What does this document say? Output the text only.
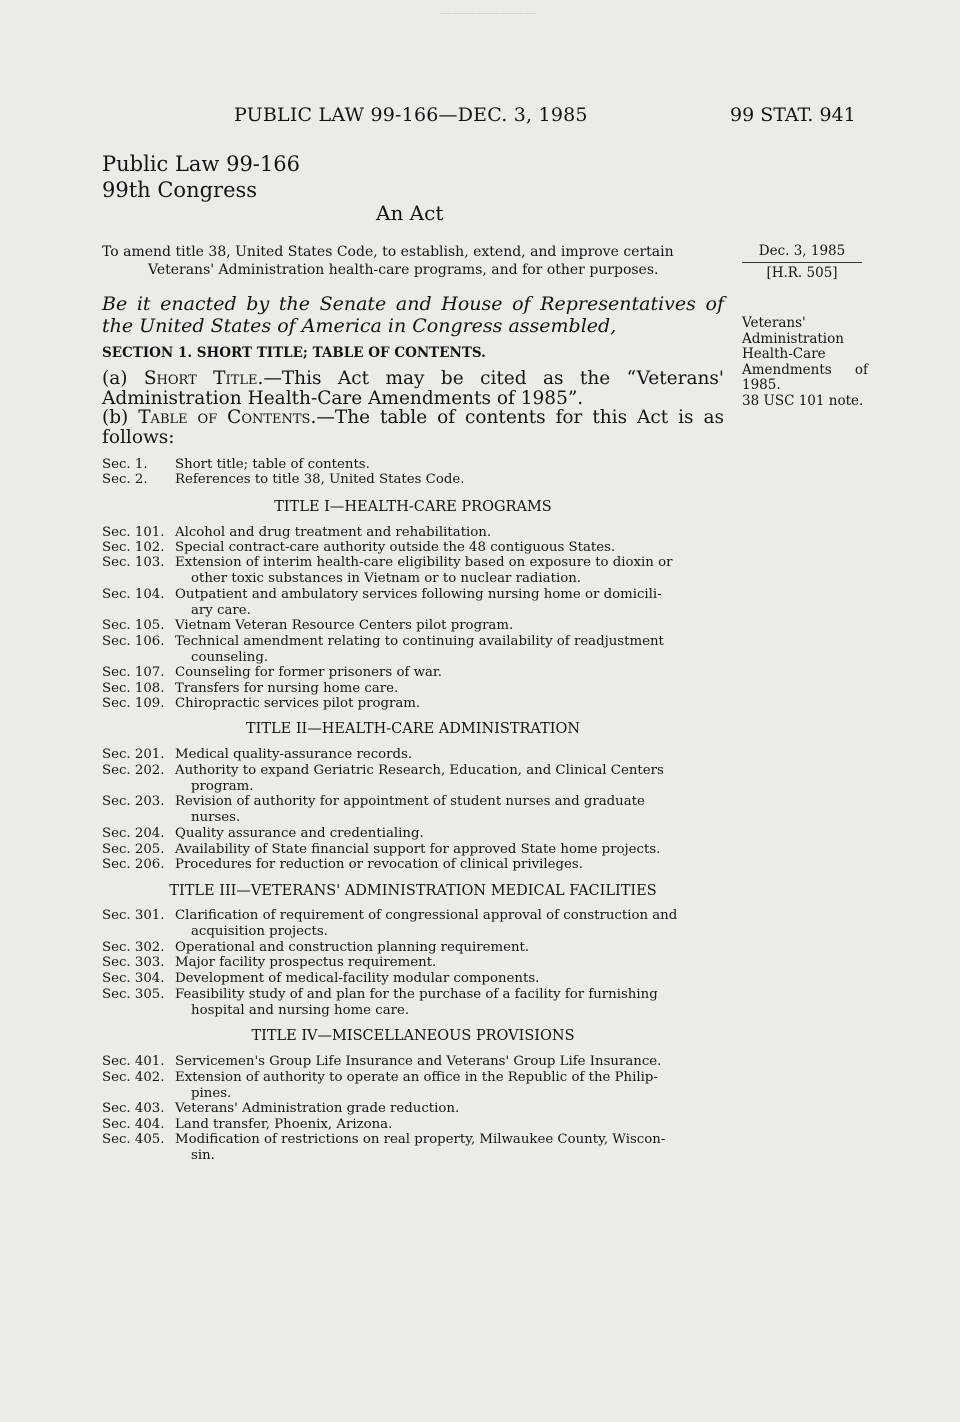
————————
PUBLIC LAW 99-166—DEC. 3, 1985	99 STAT. 941
Public Law 99-166
99th Congress
An Act
To amend title 38, United States Code, to establish, extend, and improve certain
Veterans' Administration health-care programs, and for other purposes.
Dec. 3, 1985
[H.R. 505]
Be it enacted by the Senate and House of Representatives of the United States of America in Congress assembled,	Veterans'
Administration
Health-Care
Amendments of
1985.
38 USC 101 note.
SECTION 1. SHORT TITLE; TABLE OF CONTENTS.
(a) Short Title.—This Act may be cited as the “Veterans' Administration Health-Care Amendments of 1985”.
(b) Table of Contents.—The table of contents for this Act is as follows:
Sec. 1.	Short title; table of contents.
Sec. 2.	References to title 38, United States Code.
TITLE I—HEALTH-CARE PROGRAMS
Sec. 101. Alcohol and drug treatment and rehabilitation.
Sec. 102. Special contract-care authority outside the 48 contiguous States.
Sec. 103. Extension of interim health-care eligibility based on exposure to dioxin or
other toxic substances in Vietnam or to nuclear radiation.
Sec. 104. Outpatient and ambulatory services following nursing home or domicili-
ary care.
Sec. 105. Vietnam Veteran Resource Centers pilot program.
Sec. 106. Technical amendment relating to continuing availability of readjustment
counseling.
Sec. 107. Counseling for former prisoners of war.
Sec. 108. Transfers for nursing home care.
Sec. 109. Chiropractic services pilot program.
TITLE II—HEALTH-CARE ADMINISTRATION
Sec. 201. Medical quality-assurance records.
Sec. 202. Authority to expand Geriatric Research, Education, and Clinical Centers
program.
Sec. 203. Revision of authority for appointment of student nurses and graduate
nurses.
Sec. 204. Quality assurance and credentialing.
Sec. 205. Availability of State financial support for approved State home projects.
Sec. 206. Procedures for reduction or revocation of clinical privileges.
TITLE III—VETERANS' ADMINISTRATION MEDICAL FACILITIES
Sec. 301. Clarification of requirement of congressional approval of construction and
acquisition projects.
Sec. 302. Operational and construction planning requirement.
Sec. 303. Major facility prospectus requirement.
Sec. 304. Development of medical-facility modular components.
Sec. 305. Feasibility study of and plan for the purchase of a facility for furnishing
hospital and nursing home care.
TITLE IV—MISCELLANEOUS PROVISIONS
Sec. 401. Servicemen's Group Life Insurance and Veterans' Group Life Insurance.
Sec. 402. Extension of authority to operate an office in the Republic of the Philip-
pines.
Sec. 403. Veterans' Administration grade reduction.
Sec. 404. Land transfer, Phoenix, Arizona.
Sec. 405. Modification of restrictions on real property, Milwaukee County, Wiscon-
sin.
